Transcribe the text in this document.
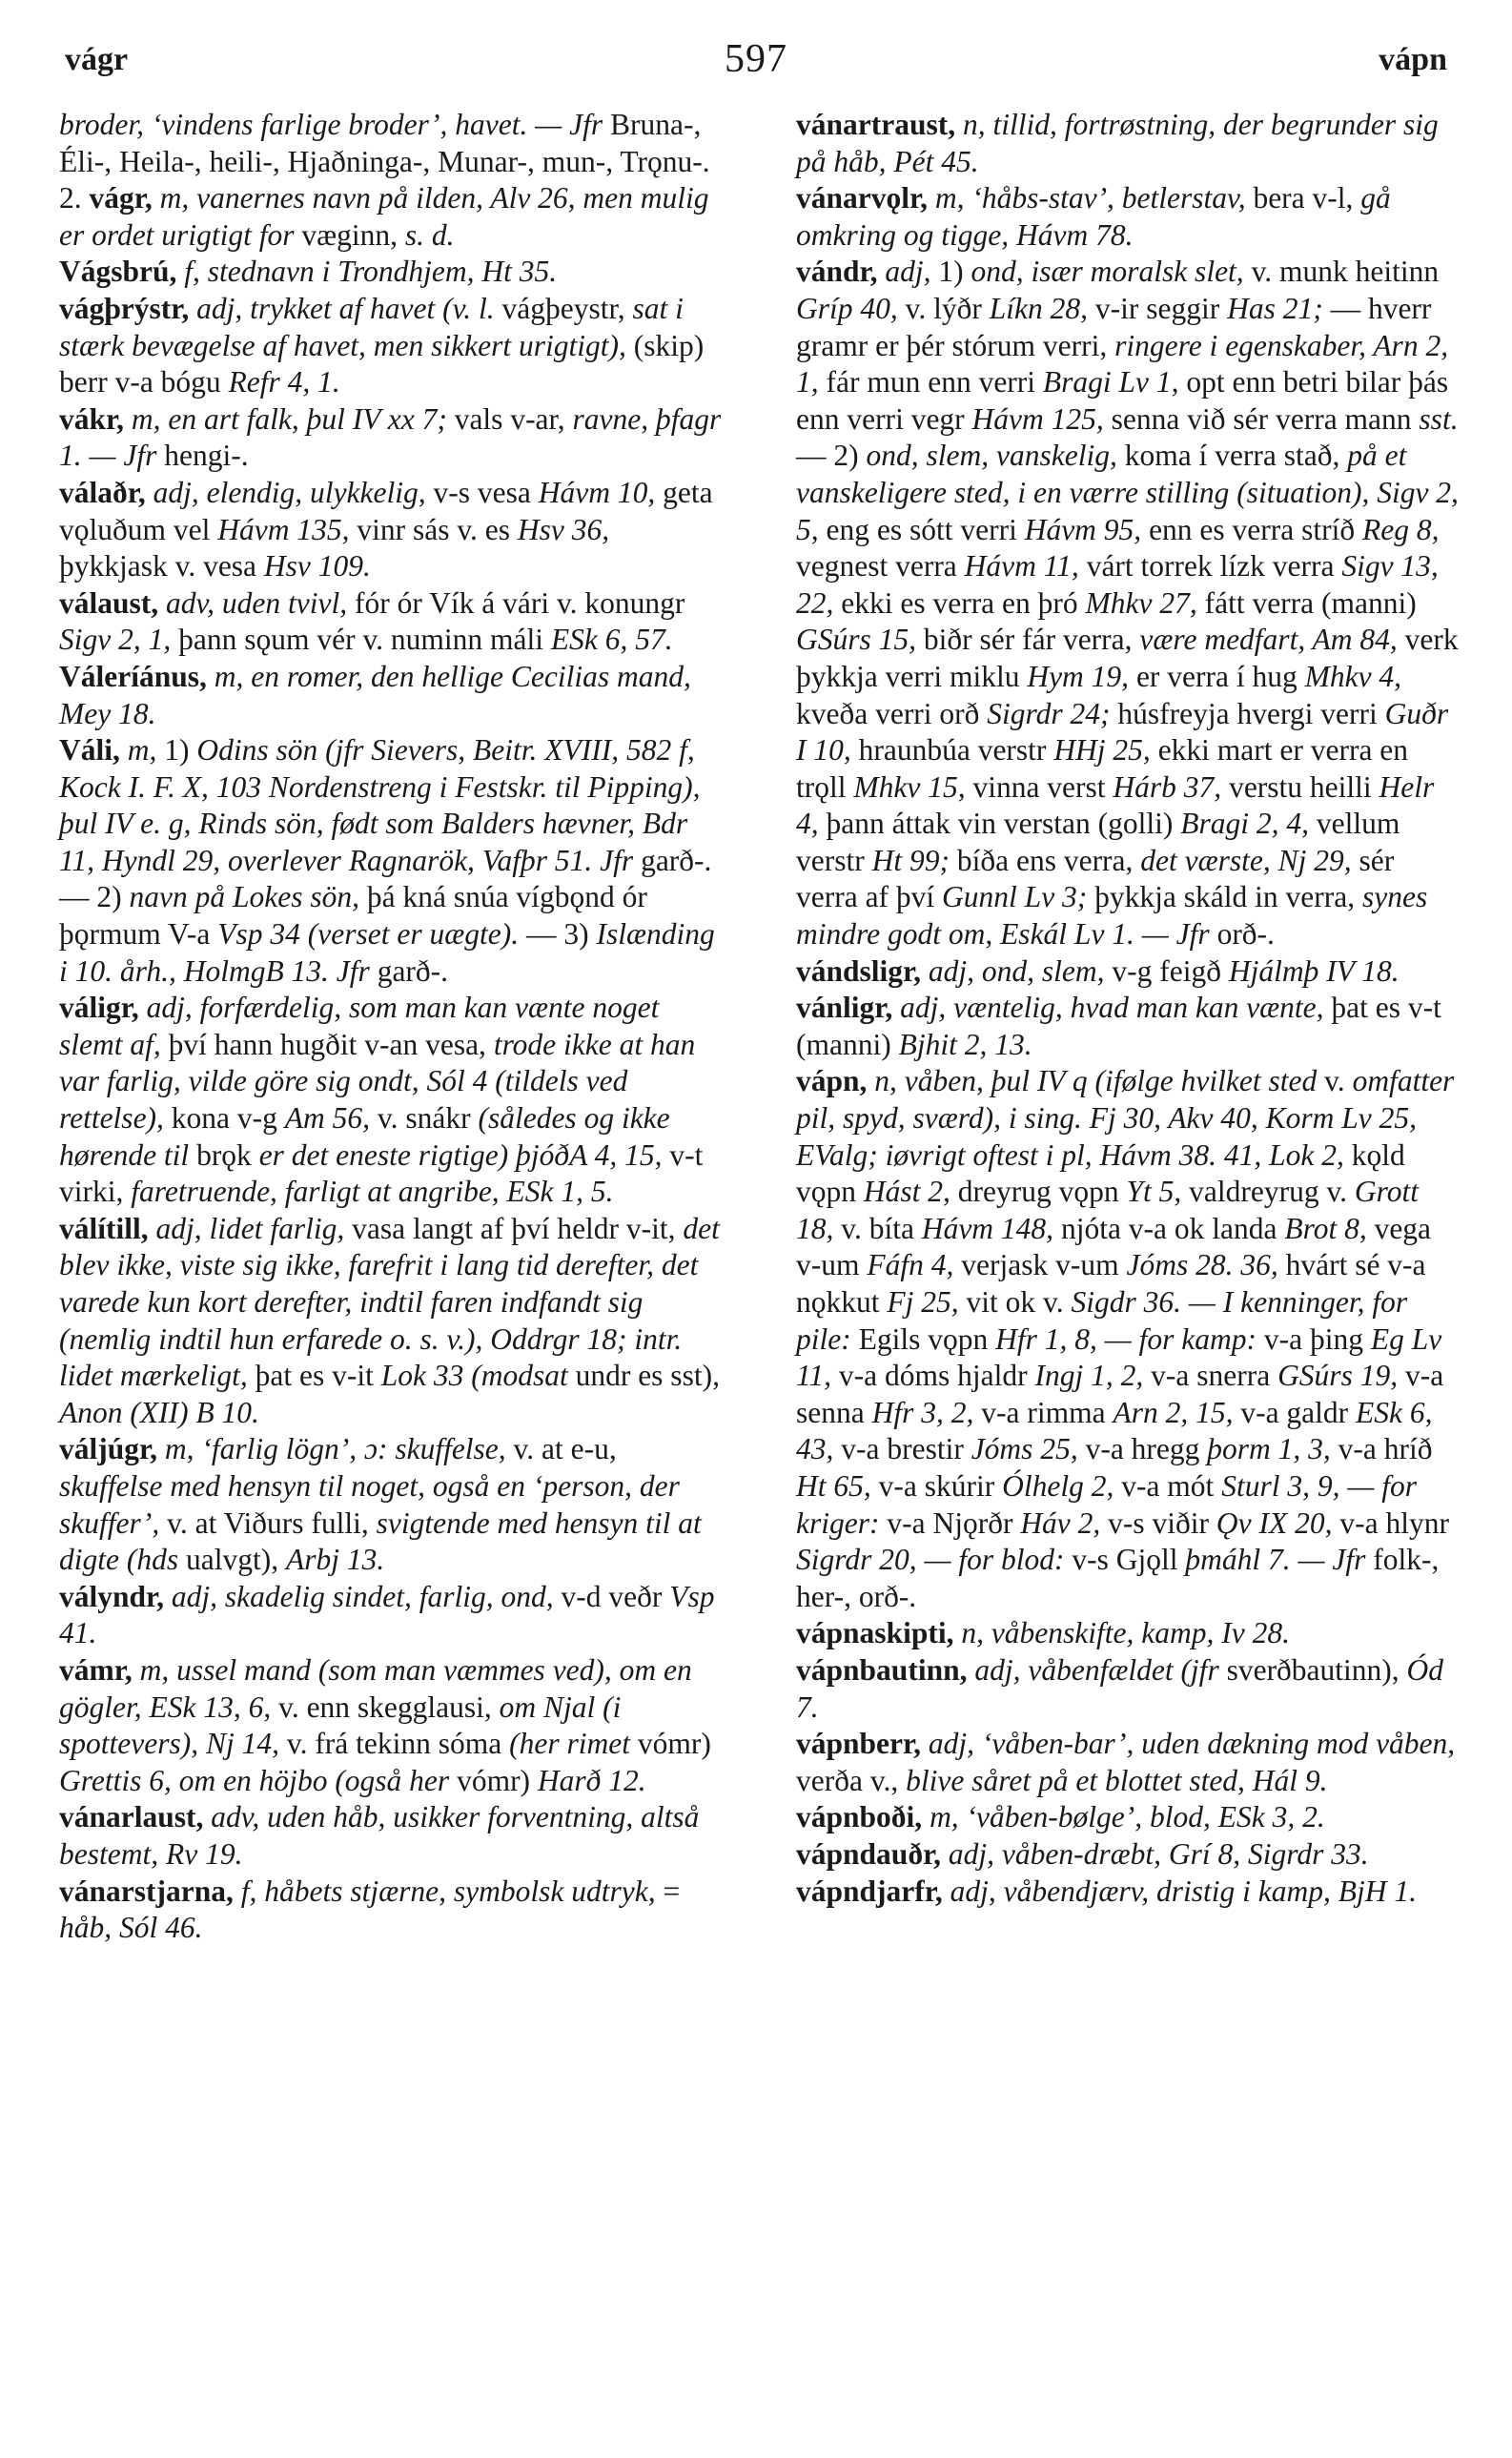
vágr	597	vápn

broder, ‘vindens farlige broder’, havet. — Jfr Bruna-, Éli-, Heila-, heili-, Hjaðninga-, Munar-, mun-, Trǫnu-.

2. vágr, m, vanernes navn på ilden, Alv 26, men mulig er ordet urigtigt for væginn, s. d.

Vágsbrú, f, stednavn i Trondhjem, Ht 35.

vágþrýstr, adj, trykket af havet (v. l. vágþeystr, sat i stærk bevægelse af havet, men sikkert urigtigt), (skip) berr v-a bógu Refr 4, 1.

vákr, m, en art falk, þul IV xx 7; vals v-ar, ravne, þfagr 1. — Jfr hengi-.

válaðr, adj, elendig, ulykkelig, v-s vesa Hávm 10, geta vǫluðum vel Hávm 135, vinr sás v. es Hsv 36, þykkjask v. vesa Hsv 109.

válaust, adv, uden tvivl, fór ór Vík á vári v. konungr Sigv 2, 1, þann sǫum vér v. numinn máli ESk 6, 57.

Váleríánus, m, en romer, den hellige Cecilias mand, Mey 18.

Váli, m, 1) Odins sön (jfr Sievers, Beitr. XVIII, 582 f, Kock I. F. X, 103 Nordenstreng i Festskr. til Pipping), þul IV e. g, Rinds sön, født som Balders hævner, Bdr 11, Hyndl 29, overlever Ragnarök, Vafþr 51. Jfr garð-. — 2) navn på Lokes sön, þá kná snúa vígbǫnd ór þǫrmum V-a Vsp 34 (verset er uægte). — 3) Islænding i 10. årh., HolmgB 13. Jfr garð-.

váligr, adj, forfærdelig, som man kan vænte noget slemt af, því hann hugðit v-an vesa, trode ikke at han var farlig, vilde göre sig ondt, Sól 4 (tildels ved rettelse), kona v-g Am 56, v. snákr (således og ikke hørende til brǫk er det eneste rigtige) þjóðA 4, 15, v-t virki, faretruende, farligt at angribe, ESk 1, 5.

válítill, adj, lidet farlig, vasa langt af því heldr v-it, det blev ikke, viste sig ikke, farefrit i lang tid derefter, det varede kun kort derefter, indtil faren indfandt sig (nemlig indtil hun erfarede o. s. v.), Oddrgr 18; intr. lidet mærkeligt, þat es v-it Lok 33 (modsat undr es sst), Anon (XII) B 10.

váljúgr, m, ‘farlig lögn’, ɔ: skuffelse, v. at e-u, skuffelse med hensyn til noget, også en ‘person, der skuffer’, v. at Viðurs fulli, svigtende med hensyn til at digte (hds ualvgt), Arbj 13.

vályndr, adj, skadelig sindet, farlig, ond, v-d veðr Vsp 41.

vámr, m, ussel mand (som man væmmes ved), om en gögler, ESk 13, 6, v. enn skegglausi, om Njal (i spottevers), Nj 14, v. frá tekinn sóma (her rimet vómr) Grettis 6, om en höjbo (også her vómr) Harð 12.

vánarlaust, adv, uden håb, usikker forventning, altså bestemt, Rv 19.

vánarstjarna, f, håbets stjærne, symbolsk udtryk, = håb, Sól 46.

vánartraust, n, tillid, fortrøstning, der begrunder sig på håb, Pét 45.

vánarvǫlr, m, ‘håbs-stav’, betlerstav, bera v-l, gå omkring og tigge, Hávm 78.

vándr, adj, 1) ond, især moralsk slet, v. munk heitinn Gríp 40, v. lýðr Líkn 28, v-ir seggir Has 21; — hverr gramr er þér stórum verri, ringere i egenskaber, Arn 2, 1, fár mun enn verri Bragi Lv 1, opt enn betri bilar þás enn verri vegr Hávm 125, senna við sér verra mann sst. — 2) ond, slem, vanskelig, koma í verra stað, på et vanskeligere sted, i en værre stilling (situation), Sigv 2, 5, eng es sótt verri Hávm 95, enn es verra stríð Reg 8, vegnest verra Hávm 11, várt torrek lízk verra Sigv 13, 22, ekki es verra en þró Mhkv 27, fátt verra (manni) GSúrs 15, biðr sér fár verra, være medfart, Am 84, verk þykkja verri miklu Hym 19, er verra í hug Mhkv 4, kveða verri orð Sigrdr 24; húsfreyja hvergi verri Guðr I 10, hraunbúa verstr HHj 25, ekki mart er verra en trǫll Mhkv 15, vinna verst Hárb 37, verstu heilli Helr 4, þann áttak vin verstan (golli) Bragi 2, 4, vellum verstr Ht 99; bíða ens verra, det værste, Nj 29, sér verra af því Gunnl Lv 3; þykkja skáld in verra, synes mindre godt om, Eskál Lv 1. — Jfr orð-.

vándsligr, adj, ond, slem, v-g feigð Hjálmþ IV 18.

vánligr, adj, væntelig, hvad man kan vænte, þat es v-t (manni) Bjhit 2, 13.

vápn, n, våben, þul IV q (ifølge hvilket sted v. omfatter pil, spyd, sværd), i sing. Fj 30, Akv 40, Korm Lv 25, EValg; iøvrigt oftest i pl, Hávm 38. 41, Lok 2, kǫld vǫpn Hást 2, dreyrug vǫpn Yt 5, valdreyrug v. Grott 18, v. bíta Hávm 148, njóta v-a ok landa Brot 8, vega v-um Fáfn 4, verjask v-um Jóms 28. 36, hvárt sé v-a nǫkkut Fj 25, vit ok v. Sigdr 36. — I kenninger, for pile: Egils vǫpn Hfr 1, 8, — for kamp: v-a þing Eg Lv 11, v-a dóms hjaldr Ingj 1, 2, v-a snerra GSúrs 19, v-a senna Hfr 3, 2, v-a rimma Arn 2, 15, v-a galdr ESk 6, 43, v-a brestir Jóms 25, v-a hregg þorm 1, 3, v-a hríð Ht 65, v-a skúrir Ólhelg 2, v-a mót Sturl 3, 9, — for kriger: v-a Njǫrðr Háv 2, v-s viðir Ǫv IX 20, v-a hlynr Sigrdr 20, — for blod: v-s Gjǫll þmáhl 7. — Jfr folk-, her-, orð-.

vápnaskipti, n, våbenskifte, kamp, Iv 28.

vápnbautinn, adj, våbenfældet (jfr sverðbautinn), Ód 7.

vápnberr, adj, ‘våben-bar’, uden dækning mod våben, verða v., blive såret på et blottet sted, Hál 9.

vápnboði, m, ‘våben-bølge’, blod, ESk 3, 2.

vápndauðr, adj, våben-dræbt, Grí 8, Sigrdr 33.

vápndjarfr, adj, våbendjærv, dristig i kamp, BjH 1.
